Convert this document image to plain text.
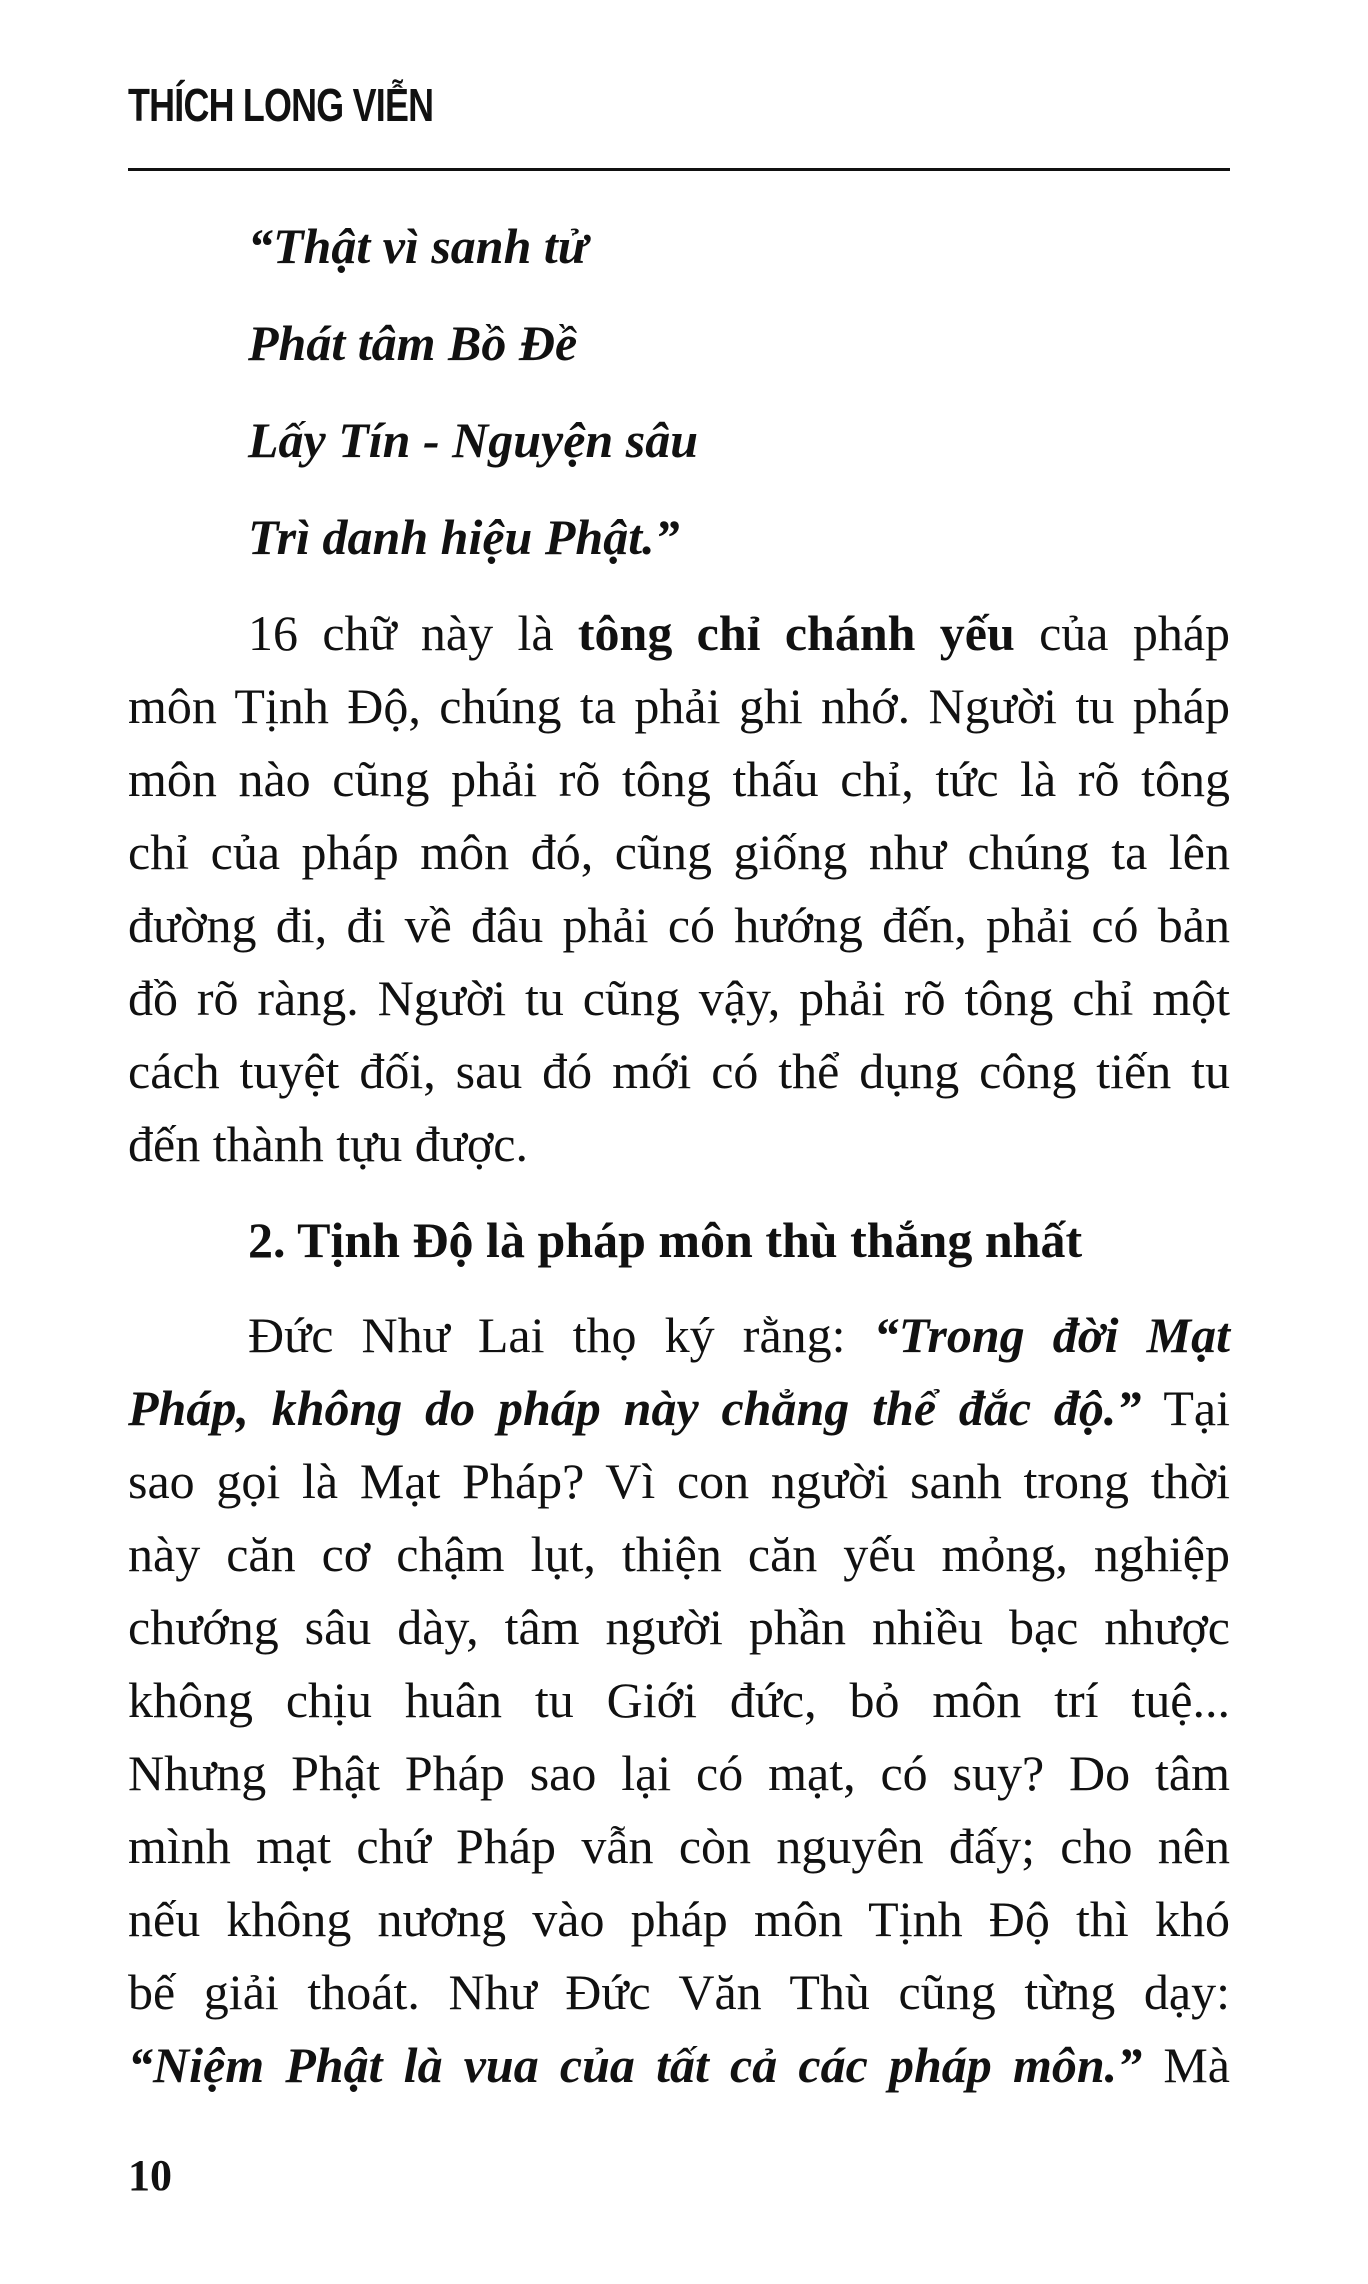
THÍCH LONG VIỄN
“Thật vì sanh tử
Phát tâm Bồ Đề
Lấy Tín - Nguyện sâu
Trì danh hiệu Phật.”
16 chữ này là tông chỉ chánh yếu của pháp
môn Tịnh Độ, chúng ta phải ghi nhớ. Người tu pháp
môn nào cũng phải rõ tông thấu chỉ, tức là rõ tông
chỉ của pháp môn đó, cũng giống như chúng ta lên
đường đi, đi về đâu phải có hướng đến, phải có bản
đồ rõ ràng. Người tu cũng vậy, phải rõ tông chỉ một
cách tuyệt đối, sau đó mới có thể dụng công tiến tu
đến thành tựu được.
2. Tịnh Độ là pháp môn thù thắng nhất
Đức Như Lai thọ ký rằng: “Trong đời Mạt
Pháp, không do pháp này chẳng thể đắc độ.” Tại
sao gọi là Mạt Pháp? Vì con người sanh trong thời
này căn cơ chậm lụt, thiện căn yếu mỏng, nghiệp
chướng sâu dày, tâm người phần nhiều bạc nhược
không chịu huân tu Giới đức, bỏ môn trí tuệ...
Nhưng Phật Pháp sao lại có mạt, có suy? Do tâm
mình mạt chứ Pháp vẫn còn nguyên đấy; cho nên
nếu không nương vào pháp môn Tịnh Độ thì khó
bế giải thoát. Như Đức Văn Thù cũng từng dạy:
“Niệm Phật là vua của tất cả các pháp môn.” Mà
10
